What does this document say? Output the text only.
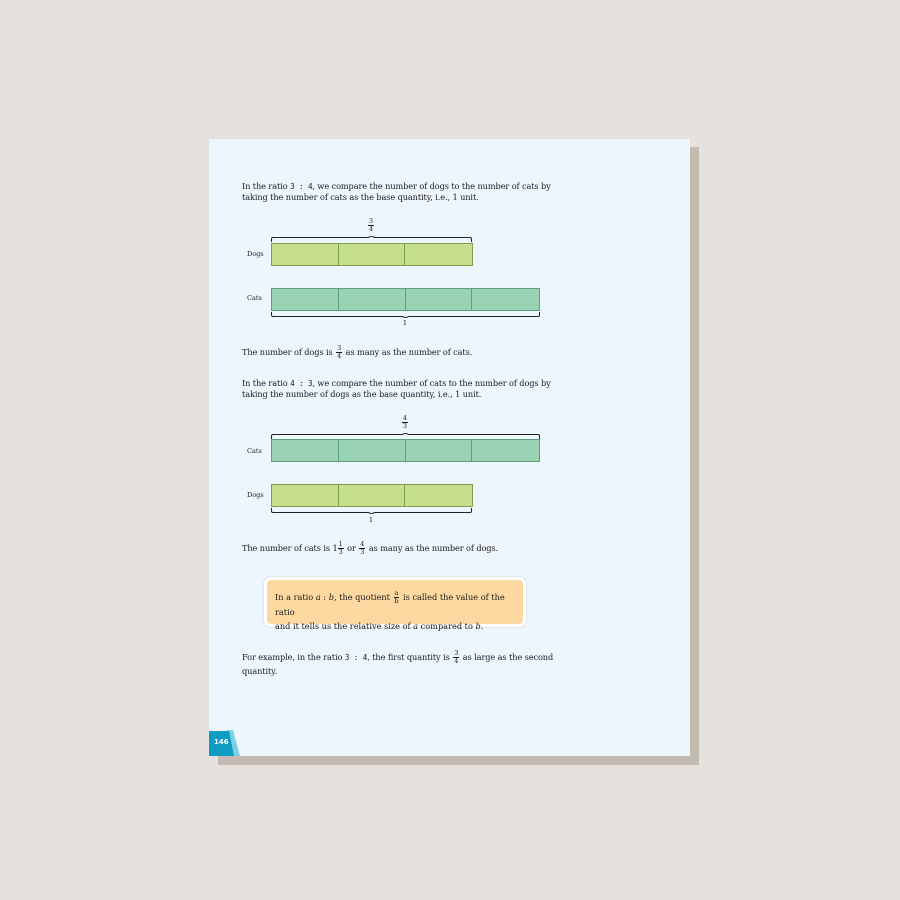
In the ratio 3 : 4, we compare the number of dogs to the number of cats by taking the number of cats as the base quantity, i.e., 1 unit.

$\frac{3}{4}$
Dogs
Cats
1

The number of dogs is $\frac{3}{4}$ as many as the number of cats.

In the ratio 4 : 3, we compare the number of cats to the number of dogs by taking the number of dogs as the base quantity, i.e., 1 unit.

$\frac{4}{3}$
Cats
Dogs
1

The number of cats is $1 \frac{1}{3}$ or $\frac{4}{3}$ as many as the number of dogs.

In a ratio a : b, the quotient $\frac{a}{b}$ is called the value of the ratio
and it tells us the relative size of a compared to b.

For example, in the ratio 3 : 4, the first quantity is $\frac{3}{4}$ as large as the second quantity.

146
